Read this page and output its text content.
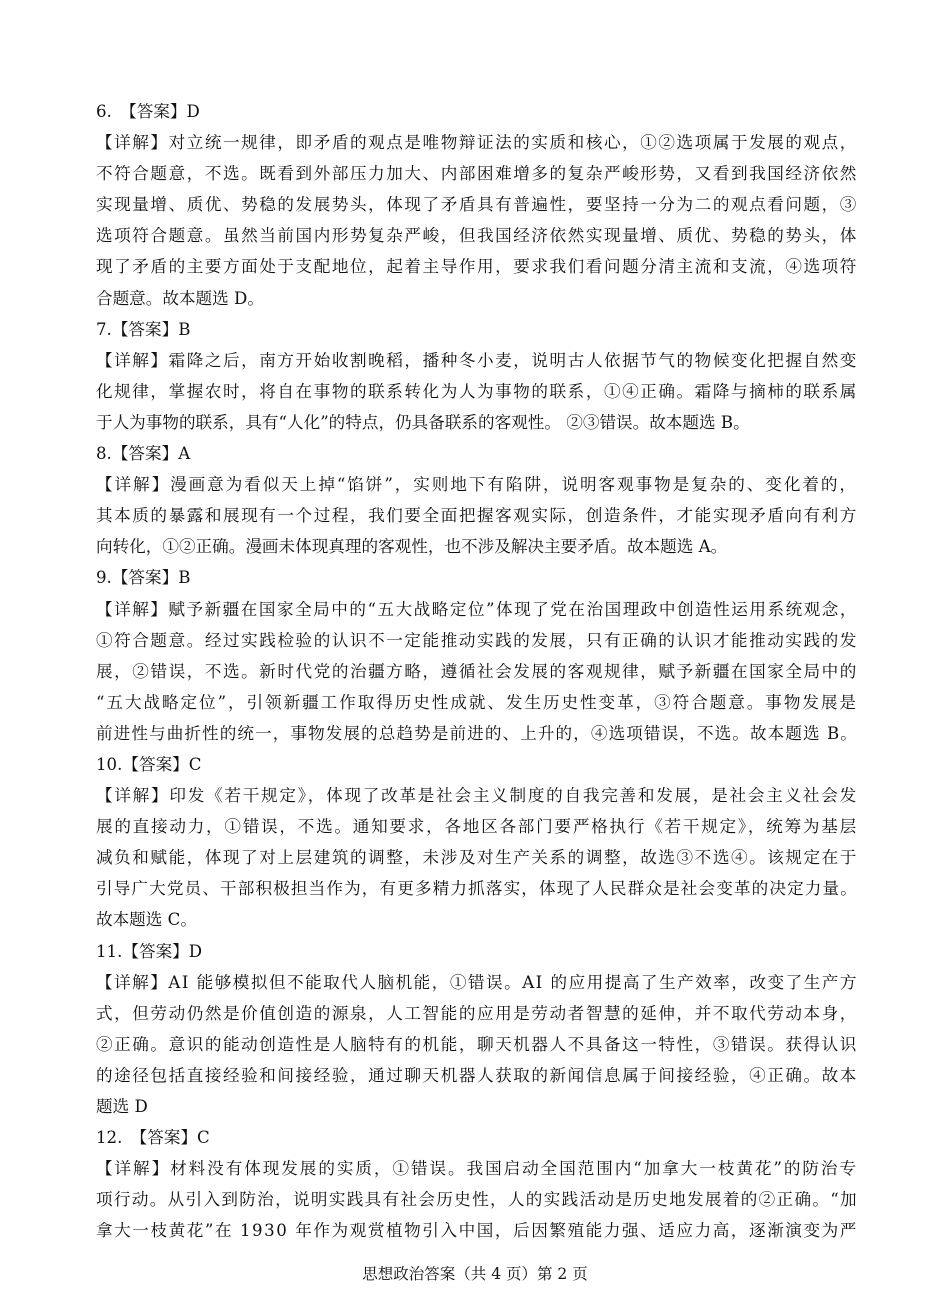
6.　【答案】D
【详解】对立统一规律，即矛盾的观点是唯物辩证法的实质和核心，①②选项属于发展的观点，
不符合题意，不选。既看到外部压力加大、内部困难增多的复杂严峻形势，又看到我国经济依然
实现量增、质优、势稳的发展势头，体现了矛盾具有普遍性，要坚持一分为二的观点看问题，③
选项符合题意。虽然当前国内形势复杂严峻，但我国经济依然实现量增、质优、势稳的势头，体
现了矛盾的主要方面处于支配地位，起着主导作用，要求我们看问题分清主流和支流，④选项符
合题意。故本题选 D。
7.【答案】B
【详解】霜降之后，南方开始收割晚稻，播种冬小麦，说明古人依据节气的物候变化把握自然变
化规律，掌握农时，将自在事物的联系转化为人为事物的联系，①④正确。霜降与摘柿的联系属
于人为事物的联系，具有“人化”的特点，仍具备联系的客观性。 ②③错误。故本题选 B。
8.【答案】A
【详解】漫画意为看似天上掉“馅饼”，实则地下有陷阱，说明客观事物是复杂的、变化着的，
其本质的暴露和展现有一个过程，我们要全面把握客观实际，创造条件，才能实现矛盾向有利方
向转化，①②正确。漫画未体现真理的客观性，也不涉及解决主要矛盾。故本题选 A。
9.【答案】B
【详解】赋予新疆在国家全局中的“五大战略定位”体现了党在治国理政中创造性运用系统观念，
①符合题意。经过实践检验的认识不一定能推动实践的发展，只有正确的认识才能推动实践的发
展，②错误，不选。新时代党的治疆方略，遵循社会发展的客观规律，赋予新疆在国家全局中的
“五大战略定位”，引领新疆工作取得历史性成就、发生历史性变革，③符合题意。事物发展是
前进性与曲折性的统一，事物发展的总趋势是前进的、上升的，④选项错误，不选。故本题选 B。
10.【答案】C
【详解】印发《若干规定》，体现了改革是社会主义制度的自我完善和发展，是社会主义社会发
展的直接动力，①错误，不选。通知要求，各地区各部门要严格执行《若干规定》，统筹为基层
减负和赋能，体现了对上层建筑的调整，未涉及对生产关系的调整，故选③不选④。该规定在于
引导广大党员、干部积极担当作为，有更多精力抓落实，体现了人民群众是社会变革的决定力量。
故本题选 C。
11.【答案】D
【详解】AI 能够模拟但不能取代人脑机能，①错误。AI 的应用提高了生产效率，改变了生产方
式，但劳动仍然是价值创造的源泉，人工智能的应用是劳动者智慧的延伸，并不取代劳动本身，
②正确。意识的能动创造性是人脑特有的机能，聊天机器人不具备这一特性，③错误。获得认识
的途径包括直接经验和间接经验，通过聊天机器人获取的新闻信息属于间接经验，④正确。故本
题选 D
12.　【答案】C
【详解】材料没有体现发展的实质，①错误。我国启动全国范围内“加拿大一枝黄花”的防治专
项行动。从引入到防治，说明实践具有社会历史性，人的实践活动是历史地发展着的②正确。“加
拿大一枝黄花”在 1930 年作为观赏植物引入中国，后因繁殖能力强、适应力高，逐渐演变为严
思想政治答案（共 4 页）第 2 页
